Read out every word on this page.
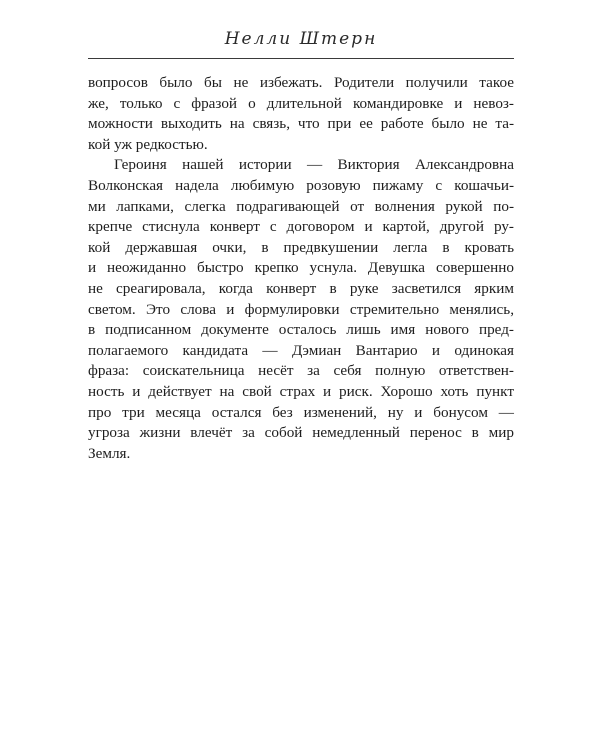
Нелли Штерн

вопросов было бы не избежать. Родители получили такое
же, только с фразой о длительной командировке и невоз-
можности выходить на связь, что при ее работе было не та-
кой уж редкостью.

Героиня нашей истории — Виктория Александровна
Волконская надела любимую розовую пижаму с кошачьи-
ми лапками, слегка подрагивающей от волнения рукой по-
крепче стиснула конверт с договором и картой, другой ру-
кой державшая очки, в предвкушении легла в кровать
и неожиданно быстро крепко уснула. Девушка совершенно
не среагировала, когда конверт в руке засветился ярким
светом. Это слова и формулировки стремительно менялись,
в подписанном документе осталось лишь имя нового пред-
полагаемого кандидата — Дэмиан Вантарио и одинокая
фраза: соискательница несёт за себя полную ответствен-
ность и действует на свой страх и риск. Хорошо хоть пункт
про три месяца остался без изменений, ну и бонусом —
угроза жизни влечёт за собой немедленный перенос в мир
Земля.
